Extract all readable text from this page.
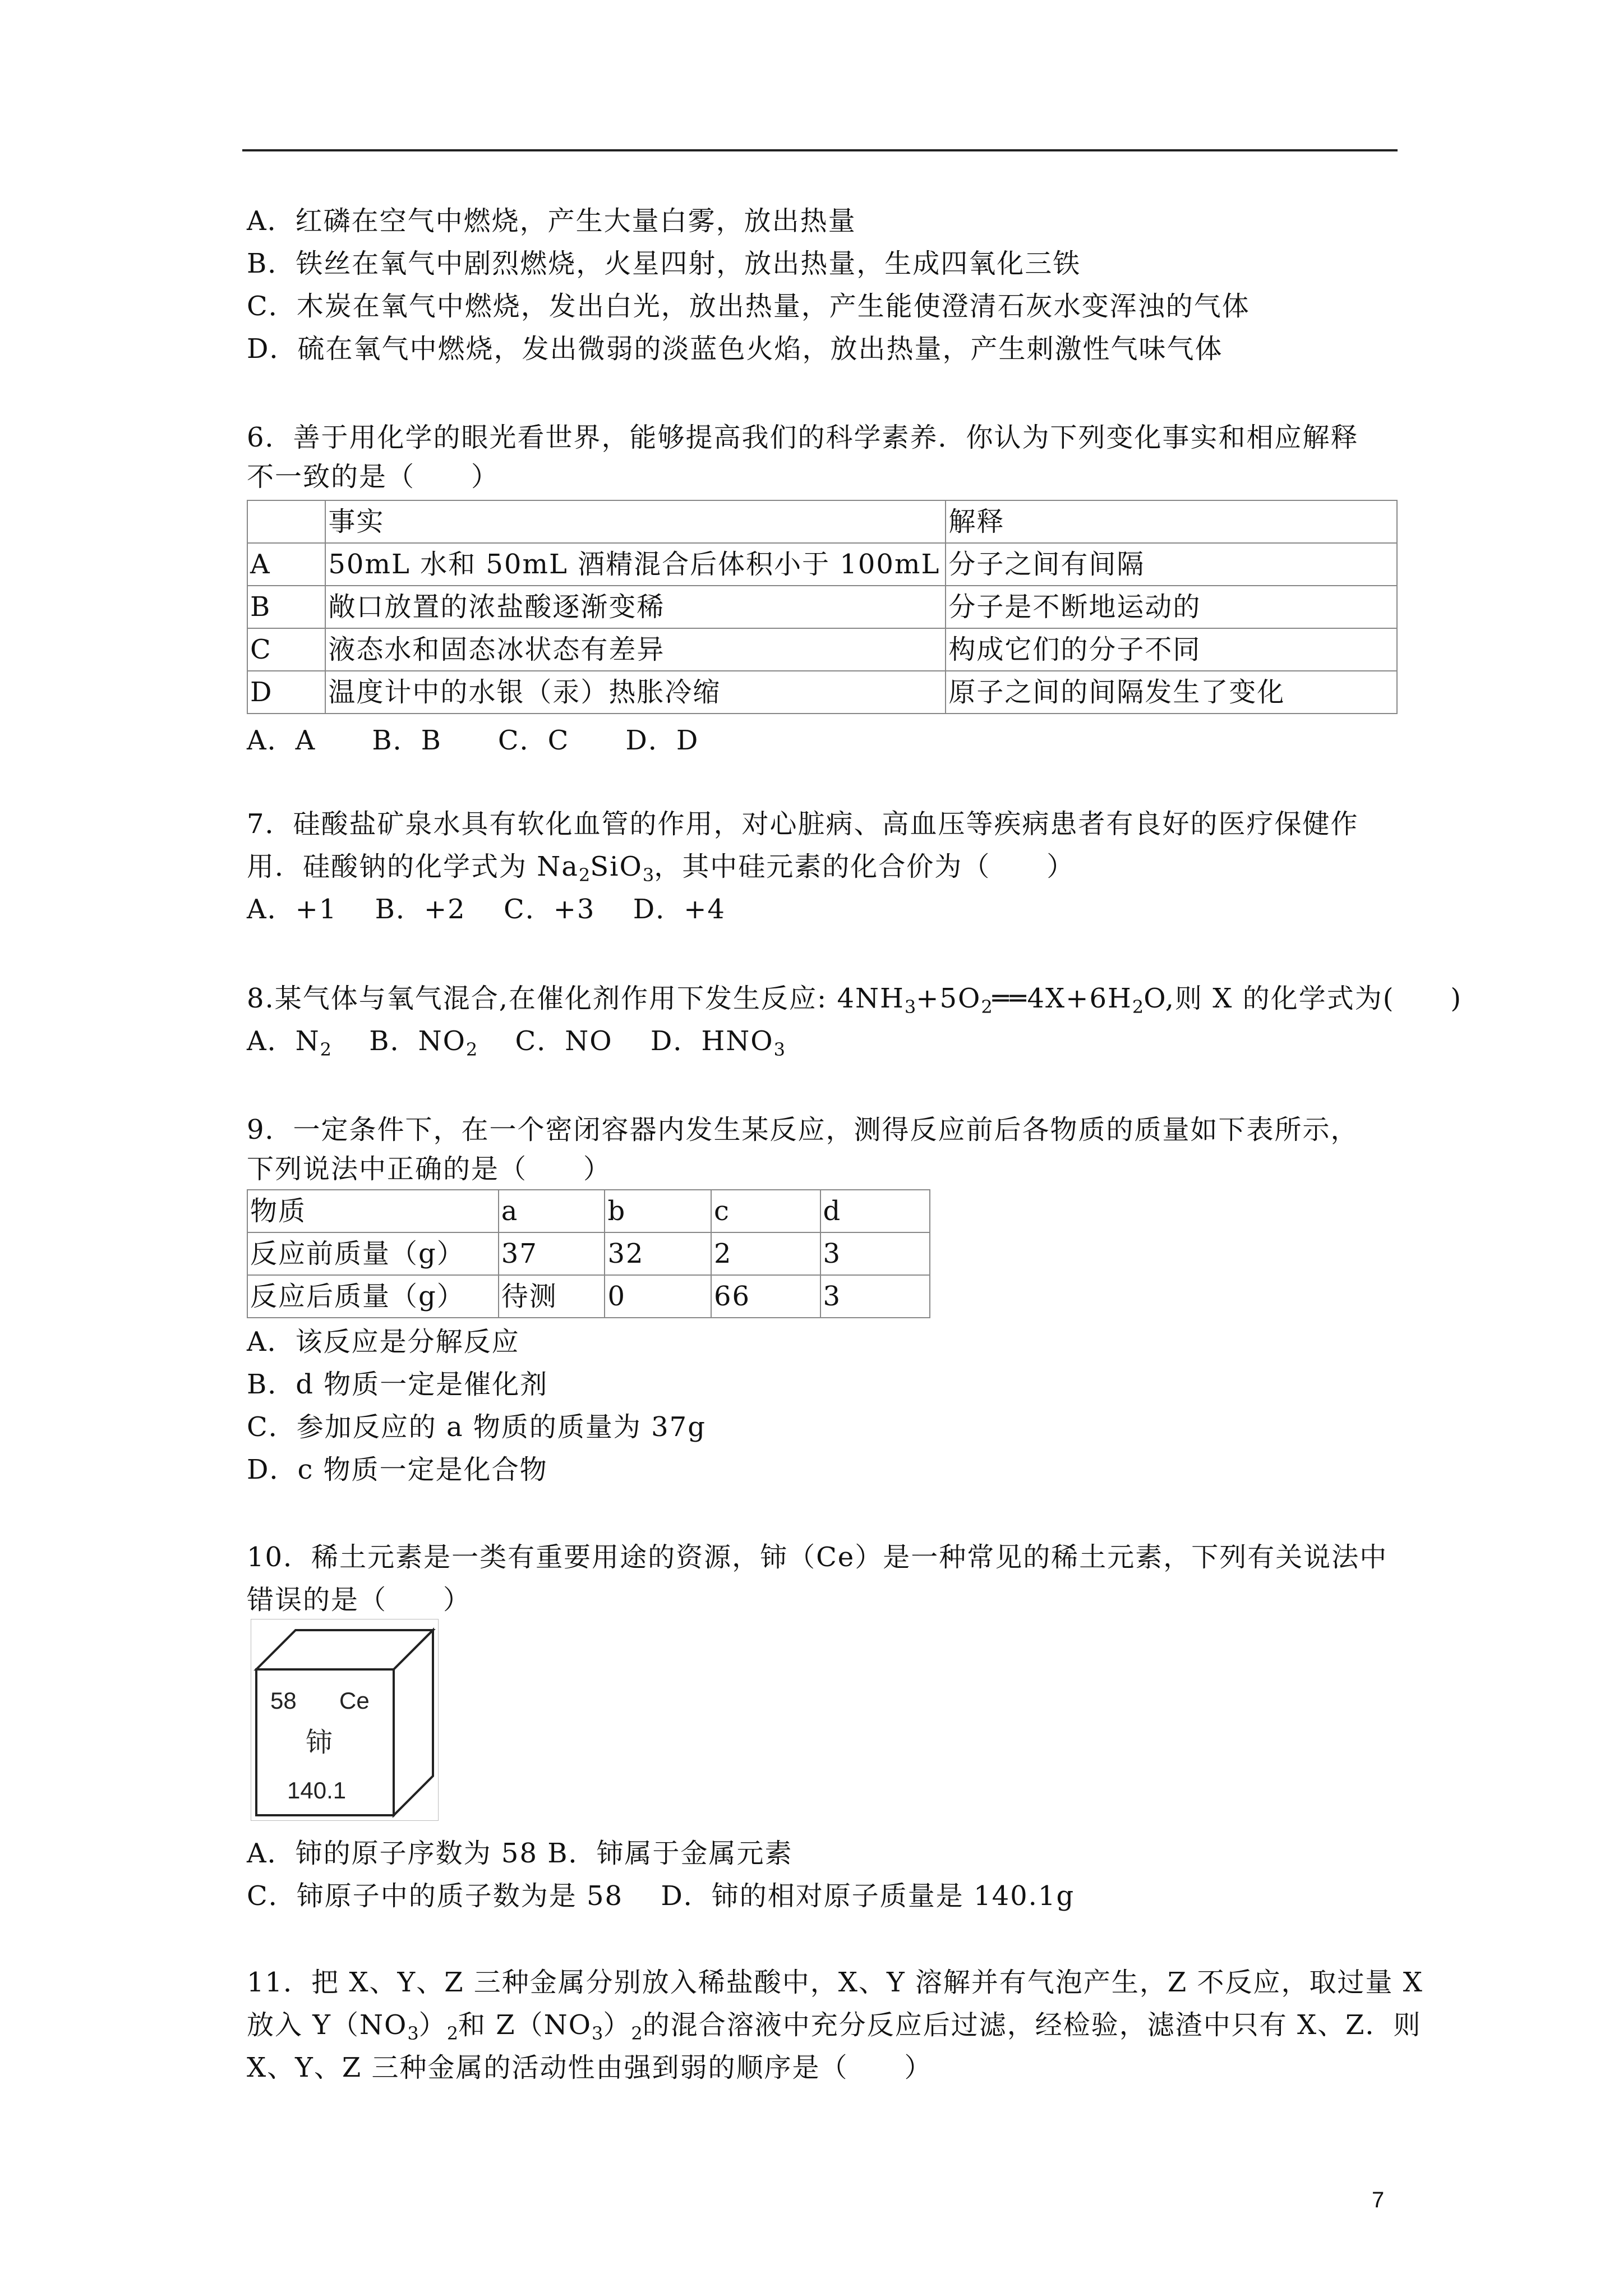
A．红磷在空气中燃烧，产生大量白雾，放出热量
B．铁丝在氧气中剧烈燃烧，火星四射，放出热量，生成四氧化三铁
C．木炭在氧气中燃烧，发出白光，放出热量，产生能使澄清石灰水变浑浊的气体
D．硫在氧气中燃烧，发出微弱的淡蓝色火焰，放出热量，产生刺激性气味气体
6．善于用化学的眼光看世界，能够提高我们的科学素养．你认为下列变化事实和相应解释
不一致的是（　　）
	事实	解释
A	50mL 水和 50mL 酒精混合后体积小于 100mL	分子之间有间隔
B	敞口放置的浓盐酸逐渐变稀	分子是不断地运动的
C	液态水和固态冰状态有差异	构成它们的分子不同
D	温度计中的水银（汞）热胀冷缩	原子之间的间隔发生了变化
A．A　　B．B　　C．C　　D．D
7．硅酸盐矿泉水具有软化血管的作用，对心脏病、高血压等疾病患者有良好的医疗保健作
用．硅酸钠的化学式为 $Na_2SiO_3$，其中硅元素的化合价为（　　）
A．+1　 B．+2　 C．+3　 D．+4
8.某气体与氧气混合,在催化剂作用下发生反应: $4NH_3+5O_2══4X+6H_2O$,则 X 的化学式为(　　)
A．$N_2$　 B．$NO_2$　 C．NO　 D．$HNO_3$
9．一定条件下，在一个密闭容器内发生某反应，测得反应前后各物质的质量如下表所示，
下列说法中正确的是（　　）
物质	a	b	c	d
反应前质量（g）	37	32	2	3
反应后质量（g）	待测	0	66	3
A．该反应是分解反应
B．d 物质一定是催化剂
C．参加反应的 a 物质的质量为 37g
D．c 物质一定是化合物
10．稀土元素是一类有重要用途的资源，铈（Ce）是一种常见的稀土元素，下列有关说法中
错误的是（　　）
58 Ce
铈
140.1
A．铈的原子序数为 58 B．铈属于金属元素
C．铈原子中的质子数为是 58　 D．铈的相对原子质量是 140.1g
11．把 X、Y、Z 三种金属分别放入稀盐酸中，X、Y 溶解并有气泡产生，Z 不反应，取过量 X
放入 $Y(NO_3)_2$和 $Z(NO_3)_2$的混合溶液中充分反应后过滤，经检验，滤渣中只有 X、Z．则
X、Y、Z 三种金属的活动性由强到弱的顺序是（　　）
7
